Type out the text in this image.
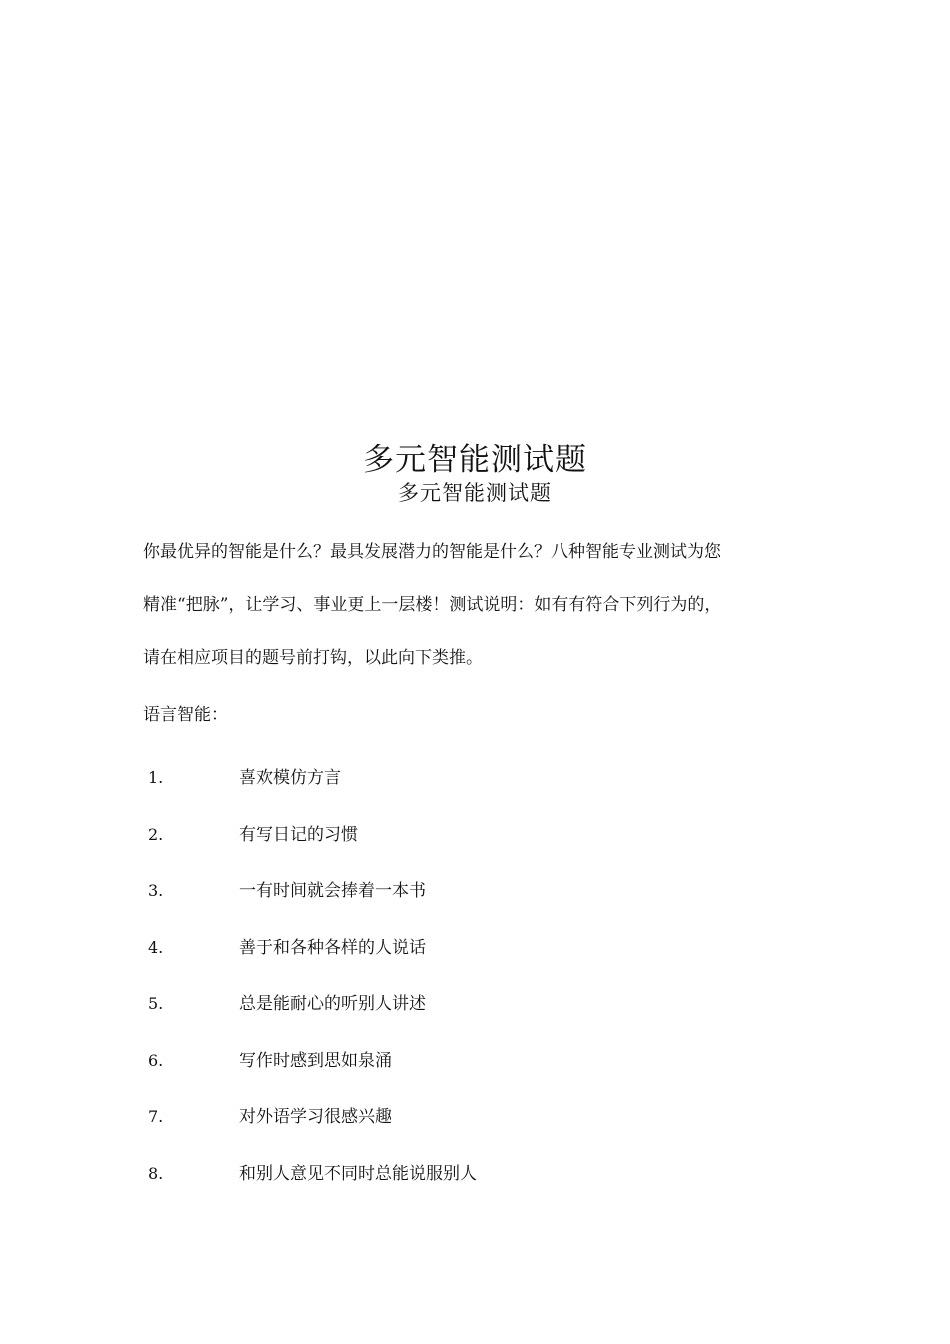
多元智能测试题
多元智能测试题
你最优异的智能是什么？最具发展潜力的智能是什么？八种智能专业测试为您
精准“把脉”，让学习、事业更上一层楼！测试说明：如有有符合下列行为的，
请在相应项目的题号前打钩，以此向下类推。
语言智能：
1.	喜欢模仿方言
2.	有写日记的习惯
3.	一有时间就会捧着一本书
4.	善于和各种各样的人说话
5.	总是能耐心的听别人讲述
6.	写作时感到思如泉涌
7.	对外语学习很感兴趣
8.	和别人意见不同时总能说服别人
